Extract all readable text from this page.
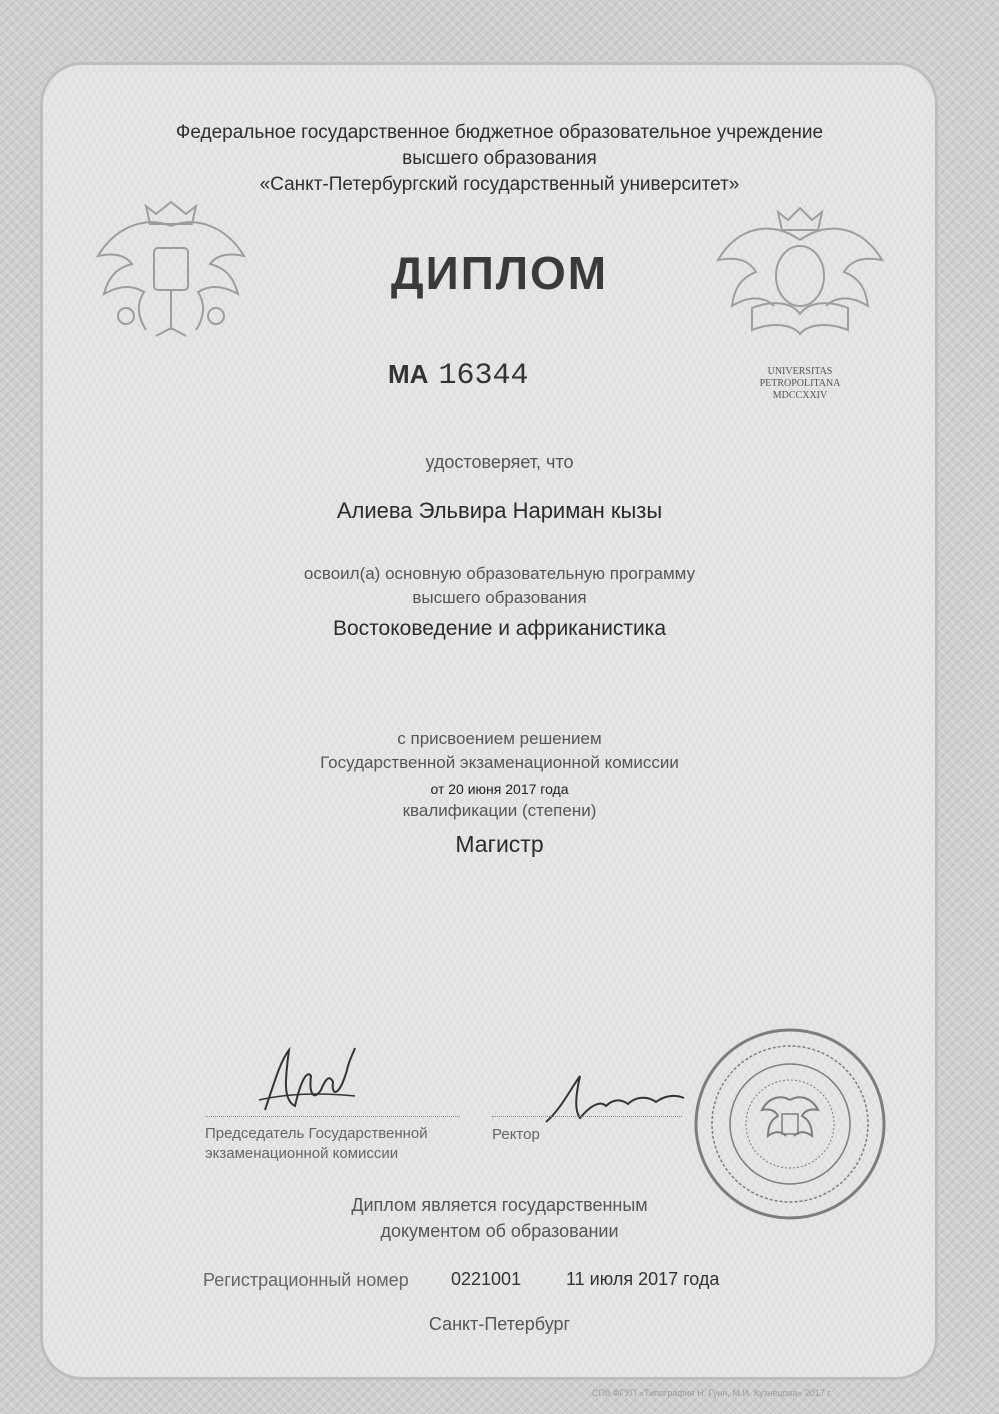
Федеральное государственное бюджетное образовательное учреждение
высшего образования
«Санкт-Петербургский государственный университет»
ДИПЛОМ
МА 16344	UNIVERSITAS
PETROPOLITANA
MDCCXXIV
удостоверяет, что
Алиева Эльвира Нариман кызы
освоил(а) основную образовательную программу
высшего образования
Востоковедение и африканистика
с присвоением решением
Государственной экзаменационной комиссии
от 20 июня 2017 года
квалификации (степени)
Магистр
Председатель Государственной
экзаменационной комиссии
Ректор
Диплом является государственным
документом об образовании
Регистрационный номер 0221001 11 июля 2017 года
Санкт-Петербург
СПб ФГУП «Типография Н. Гунн, М.И. Кузнецова» 2017 г.
